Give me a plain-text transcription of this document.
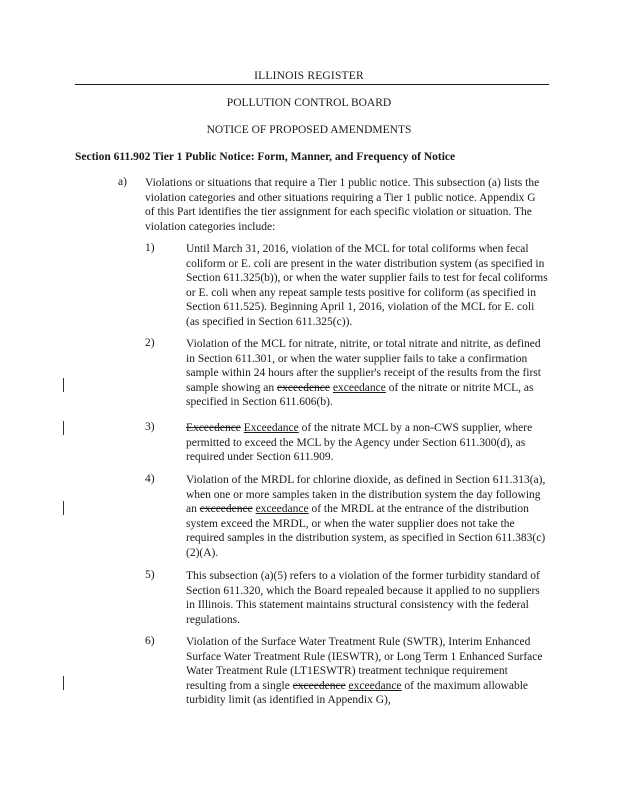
ILLINOIS REGISTER
POLLUTION CONTROL BOARD
NOTICE OF PROPOSED AMENDMENTS
Section 611.902 Tier 1 Public Notice: Form, Manner, and Frequency of Notice
a) Violations or situations that require a Tier 1 public notice. This subsection (a) lists the violation categories and other situations requiring a Tier 1 public notice. Appendix G of this Part identifies the tier assignment for each specific violation or situation. The violation categories include:
1)	Until March 31, 2016, violation of the MCL for total coliforms when fecal coliform or E. coli are present in the water distribution system (as specified in Section 611.325(b)), or when the water supplier fails to test for fecal coliforms or E. coli when any repeat sample tests positive for coliform (as specified in Section 611.525). Beginning April 1, 2016, violation of the MCL for E. coli (as specified in Section 611.325(c)).
2)	Violation of the MCL for nitrate, nitrite, or total nitrate and nitrite, as defined in Section 611.301, or when the water supplier fails to take a confirmation sample within 24 hours after the supplier's receipt of the results from the first sample showing an exceedence exceedance of the nitrate or nitrite MCL, as specified in Section 611.606(b).
3)	Exceedence Exceedance of the nitrate MCL by a non-CWS supplier, where permitted to exceed the MCL by the Agency under Section 611.300(d), as required under Section 611.909.
4)	Violation of the MRDL for chlorine dioxide, as defined in Section 611.313(a), when one or more samples taken in the distribution system the day following an exceedence exceedance of the MRDL at the entrance of the distribution system exceed the MRDL, or when the water supplier does not take the required samples in the distribution system, as specified in Section 611.383(c)(2)(A).
5)	This subsection (a)(5) refers to a violation of the former turbidity standard of Section 611.320, which the Board repealed because it applied to no suppliers in Illinois. This statement maintains structural consistency with the federal regulations.
6)	Violation of the Surface Water Treatment Rule (SWTR), Interim Enhanced Surface Water Treatment Rule (IESWTR), or Long Term 1 Enhanced Surface Water Treatment Rule (LT1ESWTR) treatment technique requirement resulting from a single exceedence exceedance of the maximum allowable turbidity limit (as identified in Appendix G),
